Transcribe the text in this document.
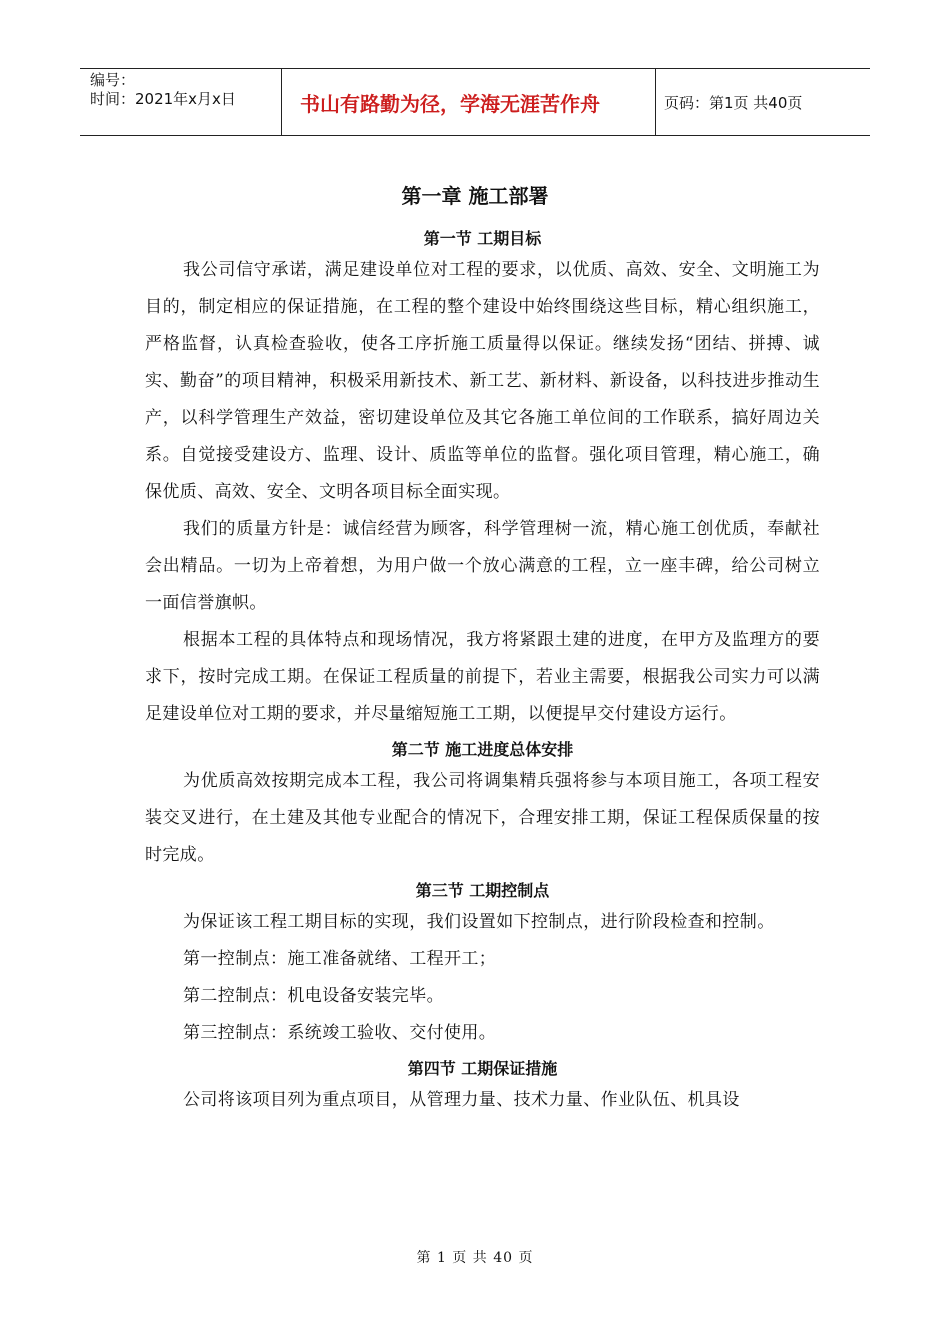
编号：
时间：2021年x月x日	书山有路勤为径，学海无涯苦作舟	页码：第1页 共40页
第一章 施工部署
第一节 工期目标

我公司信守承诺，满足建设单位对工程的要求，以优质、高效、安全、文明施工为目的，制定相应的保证措施，在工程的整个建设中始终围绕这些目标，精心组织施工，严格监督，认真检查验收，使各工序折施工质量得以保证。继续发扬“团结、拼搏、诚实、勤奋”的项目精神，积极采用新技术、新工艺、新材料、新设备，以科技进步推动生产，以科学管理生产效益，密切建设单位及其它各施工单位间的工作联系，搞好周边关系。自觉接受建设方、监理、设计、质监等单位的监督。强化项目管理，精心施工，确保优质、高效、安全、文明各项目标全面实现。

我们的质量方针是：诚信经营为顾客，科学管理树一流，精心施工创优质，奉献社会出精品。一切为上帝着想，为用户做一个放心满意的工程，立一座丰碑，给公司树立一面信誉旗帜。

根据本工程的具体特点和现场情况，我方将紧跟土建的进度，在甲方及监理方的要求下，按时完成工期。在保证工程质量的前提下，若业主需要，根据我公司实力可以满足建设单位对工期的要求，并尽量缩短施工工期，以便提早交付建设方运行。

第二节 施工进度总体安排

为优质高效按期完成本工程，我公司将调集精兵强将参与本项目施工，各项工程安装交叉进行，在土建及其他专业配合的情况下，合理安排工期，保证工程保质保量的按时完成。

第三节 工期控制点

为保证该工程工期目标的实现，我们设置如下控制点，进行阶段检查和控制。

第一控制点：施工准备就绪、工程开工；

第二控制点：机电设备安装完毕。

第三控制点：系统竣工验收、交付使用。

第四节 工期保证措施

公司将该项目列为重点项目，从管理力量、技术力量、作业队伍、机具设

第 1 页 共 40 页
